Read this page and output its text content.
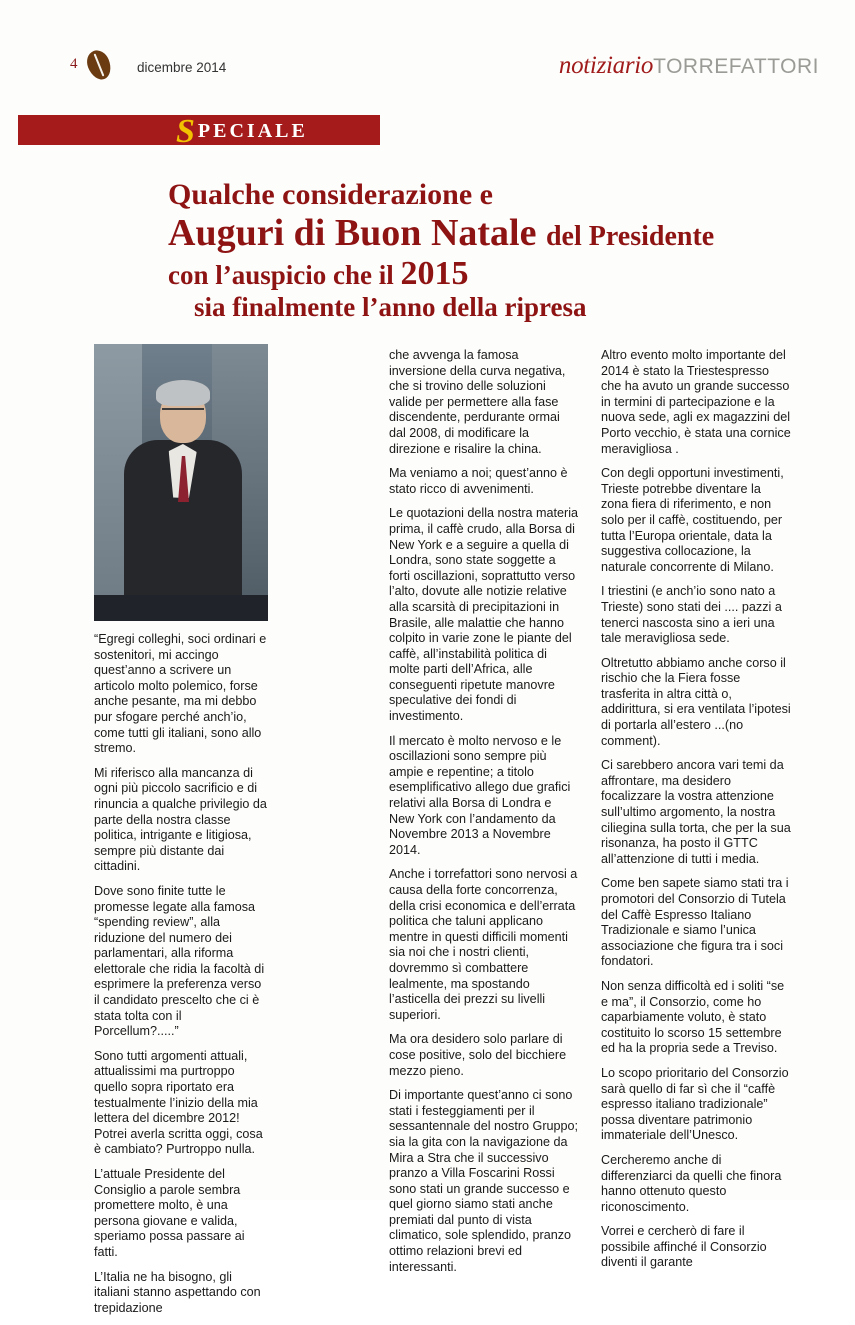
4	dicembre 2014	notiziarioTORREFATTORI
SPECIALE
Qualche considerazione e
Auguri di Buon Natale del Presidente
con l’auspicio che il 2015
sia finalmente l’anno della ripresa

“Egregi colleghi, soci ordinari e sostenitori, mi accingo quest’anno a scrivere un articolo molto polemico, forse anche pesante, ma mi debbo pur sfogare perché anch’io, come tutti gli italiani, sono allo stremo.

Mi riferisco alla mancanza di ogni più piccolo sacrificio e di rinuncia a qualche privilegio da parte della nostra classe politica, intrigante e litigiosa, sempre più distante dai cittadini.

Dove sono finite tutte le promesse legate alla famosa “spending review”, alla riduzione del numero dei parlamentari, alla riforma elettorale che ridia la facoltà di esprimere la preferenza verso il candidato prescelto che ci è stata tolta con il Porcellum?.....”

Sono tutti argomenti attuali, attualissimi ma purtroppo quello sopra riportato era testualmente l’inizio della mia lettera del dicembre 2012! Potrei averla scritta oggi, cosa è cambiato? Purtroppo nulla.

L’attuale Presidente del Consiglio a parole sembra promettere molto, è una persona giovane e valida, speriamo possa passare ai fatti.

L’Italia ne ha bisogno, gli italiani stanno aspettando con trepidazione

che avvenga la famosa inversione della curva negativa, che si trovino delle soluzioni valide per permettere alla fase discendente, perdurante ormai dal 2008, di modificare la direzione e risalire la china.

Ma veniamo a noi; quest’anno è stato ricco di avvenimenti.

Le quotazioni della nostra materia prima, il caffè crudo, alla Borsa di New York e a seguire a quella di Londra, sono state soggette a forti oscillazioni, soprattutto verso l’alto, dovute alle notizie relative alla scarsità di precipitazioni in Brasile, alle malattie che hanno colpito in varie zone le piante del caffè, all’instabilità politica di molte parti dell’Africa, alle conseguenti ripetute manovre speculative dei fondi di investimento.

Il mercato è molto nervoso e le oscillazioni sono sempre più ampie e repentine; a titolo esemplificativo allego due grafici relativi alla Borsa di Londra e New York con l’andamento da Novembre 2013 a Novembre 2014.

Anche i torrefattori sono nervosi a causa della forte concorrenza, della crisi economica e dell’errata politica che taluni applicano mentre in questi difficili momenti sia noi che i nostri clienti, dovremmo sì combattere lealmente, ma spostando l’asticella dei prezzi su livelli superiori.

Ma ora desidero solo parlare di cose positive, solo del bicchiere mezzo pieno.

Di importante quest’anno ci sono stati i festeggiamenti per il sessantennale del nostro Gruppo; sia la gita con la navigazione da Mira a Stra che il successivo pranzo a Villa Foscarini Rossi sono stati un grande successo e quel giorno siamo stati anche premiati dal punto di vista climatico, sole splendido, pranzo ottimo relazioni brevi ed interessanti.

Altro evento molto importante del 2014 è stato la Triestespresso che ha avuto un grande successo in termini di partecipazione e la nuova sede, agli ex magazzini del Porto vecchio, è stata una cornice meravigliosa .

Con degli opportuni investimenti, Trieste potrebbe diventare la zona fiera di riferimento, e non solo per il caffè, costituendo, per tutta l’Europa orientale, data la suggestiva collocazione, la naturale concorrente di Milano.

I triestini (e anch’io sono nato a Trieste) sono stati dei .... pazzi a tenerci nascosta sino a ieri una tale meravigliosa sede.

Oltretutto abbiamo anche corso il rischio che la Fiera fosse trasferita in altra città o, addirittura, si era ventilata l’ipotesi di portarla all’estero ...(no comment).

Ci sarebbero ancora vari temi da affrontare, ma desidero focalizzare la vostra attenzione sull’ultimo argomento, la nostra ciliegina sulla torta, che per la sua risonanza, ha posto il GTTC all’attenzione di tutti i media.

Come ben sapete siamo stati tra i promotori del Consorzio di Tutela del Caffè Espresso Italiano Tradizionale e siamo l’unica associazione che figura tra i soci fondatori.

Non senza difficoltà ed i soliti “se e ma”, il Consorzio, come ho caparbiamente voluto, è stato costituito lo scorso 15 settembre ed ha la propria sede a Treviso.

Lo scopo prioritario del Consorzio sarà quello di far sì che il “caffè espresso italiano tradizionale” possa diventare patrimonio immateriale dell’Unesco.

Cercheremo anche di differenziarci da quelli che finora hanno ottenuto questo riconoscimento.

Vorrei e cercherò di fare il possibile affinché il Consorzio diventi il garante
